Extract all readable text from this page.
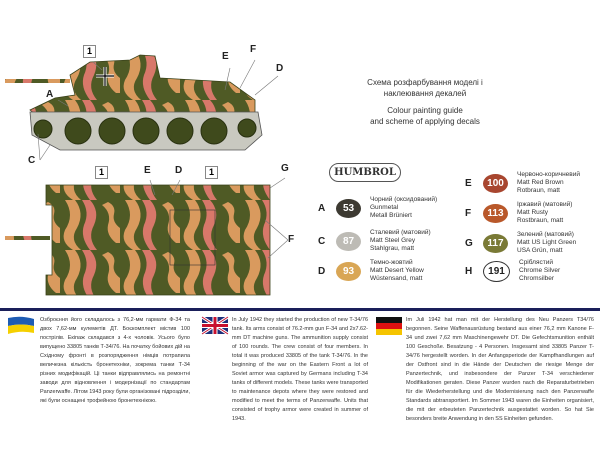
1
A
E
F
D
C
1	E D	1	G
F
Схема розфарбування моделі і наклеювання декалей
Colour painting guide
and scheme of applying decals
HUMBROL
A	53
Чорний (оксидований)
Gunmetal
Metall Brüniert
C	87
Сталевий (матовий)
Matt Steel Grey
Stahlgrau, matt
D	93
Темно-жовтий
Matt Desert Yellow
Wüstensand, matt
E	100
Червоно-коричневий
Matt Red Brown
Rotbraun, matt
F	113
Іржавий (матовий)
Matt Rusty
Rostbraun, matt
G	117
Зелений (матовий)
Matt US Light Green
USA Grün, matt
H	191
Сріблястий
Chrome Silver
Chromsilber
Озброєння його складалось з 76,2-мм гармати Ф-34 та двох 7,62-мм кулеметів ДТ. Боєкомплект містив 100 пострілів. Екіпаж складався з 4-х чоловік. Усього було випущено 33805 танків Т-34/76. На початку бойових дій на Східному фронті в розпорядження німців потрапила величезна кількість бронетехніки, зокрема танки Т-34 різних модифікацій. Ці танки відправлялись на ремонтні заводи для відновлення і модернізації по стандартам Panzerwaffe. Літом 1943 року були організовані підрозділи, які були оснащені трофейною бронетехнікою.
In July 1942 they started the production of new T-34/76 tank. Its arms consist of 76.2-mm gun F-34 and 2x7.62-mm DT machine guns. The ammunition supply consist of 100 rounds. The crew consist of four members. In total it was produced 33805 of the tank T-34/76. In the beginning of the war on the Eastern Front a lot of Soviet armor was captured by Germans including T-34 tanks of different models. These tanks were transported to maintenance depots where they were restored and modified to meet the terms of Panzerwaffe. Units that consisted of trophy armor were created in summer of 1943.
Im Juli 1942 hat man mit der Herstellung des Neu Panzers T34/76 begonnen. Seine Waffenausrüstung bestand aus einer 76,2 mm Kanone F-34 und zwei 7,62 mm Maschinengewehr DT. Die Gefechtsmunition enthält 100 Geschoße. Besatzung - 4 Personen. Insgesamt sind 33805 Panzer T-34/76 hergestellt worden. In der Anfangsperiode der Kampfhandlungen auf der Ostfront sind in die Hände der Deutschen die riesige Menge der Panzertechnik, und insbesondere der Panzer T-34 verschiedener Modifikationen geraten. Diese Panzer wurden nach die Reparaturbetrieben für die Wiederherstellung und die Modernisierung nach den Panzerwaffe Standards abtransportiert. Im Sommer 1943 waren die Einheiten organisiert, die mit der erbeuteten Panzertechnik ausgestattet worden. So hat Sie besonders breite Anwendung in den SS Einheiten gefunden.
